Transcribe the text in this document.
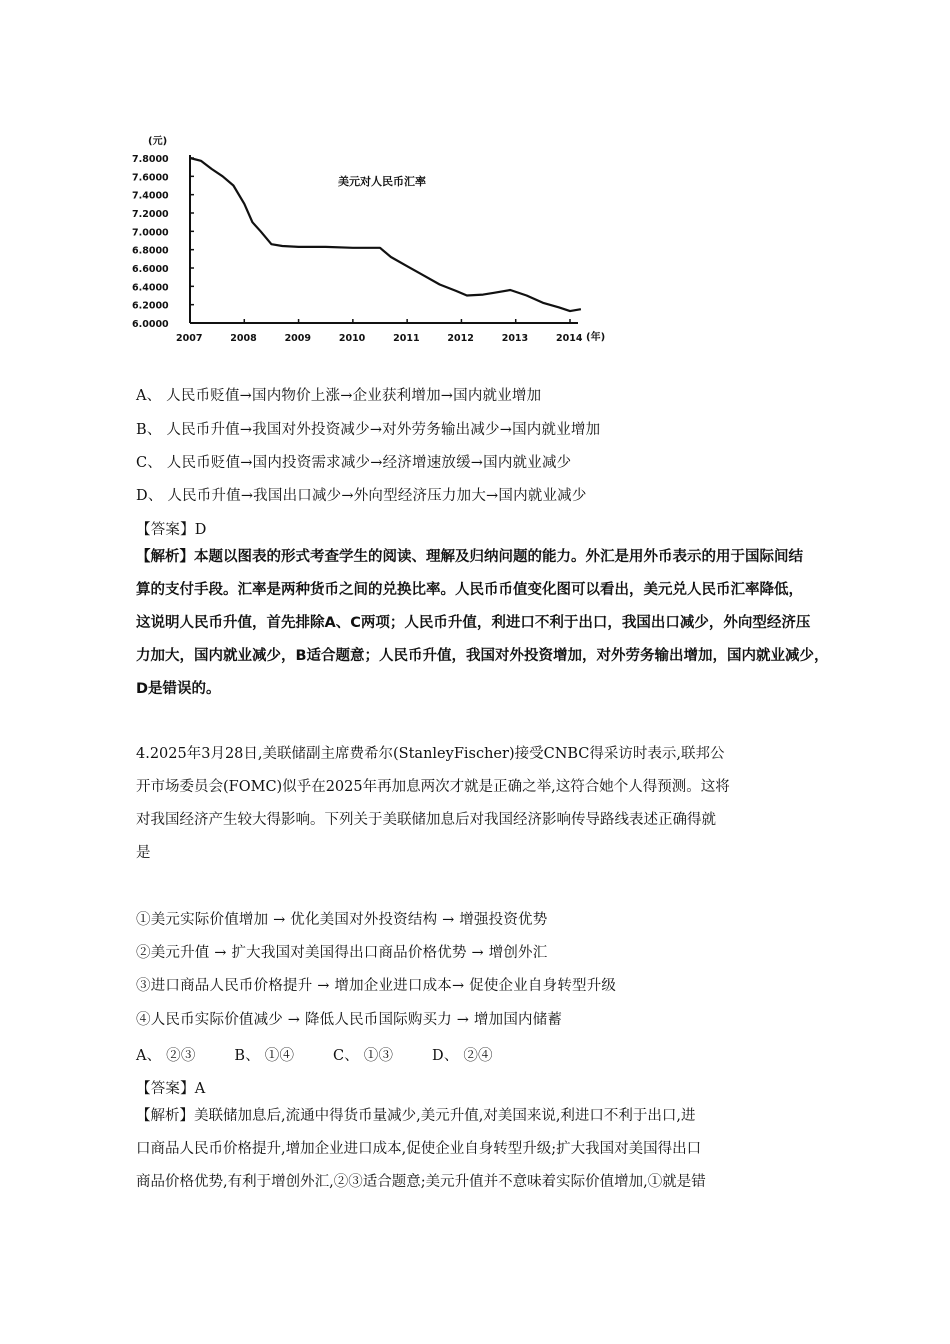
(元)
美元对人民币汇率
(年)
7.8000
7.6000
7.4000
7.2000
7.0000
6.8000
6.6000
6.4000
6.2000
6.0000
2007	2008	2009	2010	2011	2012	2013	2014
A、 人民币贬值→国内物价上涨→企业获利增加→国内就业增加
B、 人民币升值→我国对外投资减少→对外劳务输出减少→国内就业增加
C、 人民币贬值→国内投资需求减少→经济增速放缓→国内就业减少
D、 人民币升值→我国出口减少→外向型经济压力加大→国内就业减少
【答案】D
【解析】本题以图表的形式考查学生的阅读、理解及归纳问题的能力。外汇是用外币表示的用于国际间结
算的支付手段。汇率是两种货币之间的兑换比率。人民币币值变化图可以看出，美元兑人民币汇率降低，
这说明人民币升值，首先排除A、C两项；人民币升值，利进口不利于出口，我国出口减少，外向型经济压
力加大，国内就业减少，B适合题意；人民币升值，我国对外投资增加，对外劳务输出增加，国内就业减少，
D是错误的。
4.2025年3月28日,美联储副主席费希尔(StanleyFischer)接受CNBC得采访时表示,联邦公
开市场委员会(FOMC)似乎在2025年再加息两次才就是正确之举,这符合她个人得预测。这将
对我国经济产生较大得影响。下列关于美联储加息后对我国经济影响传导路线表述正确得就
是
①美元实际价值增加 → 优化美国对外投资结构 → 增强投资优势
②美元升值 → 扩大我国对美国得出口商品价格优势 → 增创外汇
③进口商品人民币价格提升 → 增加企业进口成本→ 促使企业自身转型升级
④人民币实际价值减少 → 降低人民币国际购买力 → 增加国内储蓄
A、 ②③	B、 ①④	C、 ①③	D、 ②④
【答案】A
【解析】美联储加息后,流通中得货币量减少,美元升值,对美国来说,利进口不利于出口,进
口商品人民币价格提升,增加企业进口成本,促使企业自身转型升级;扩大我国对美国得出口
商品价格优势,有利于增创外汇,②③适合题意;美元升值并不意味着实际价值增加,①就是错
